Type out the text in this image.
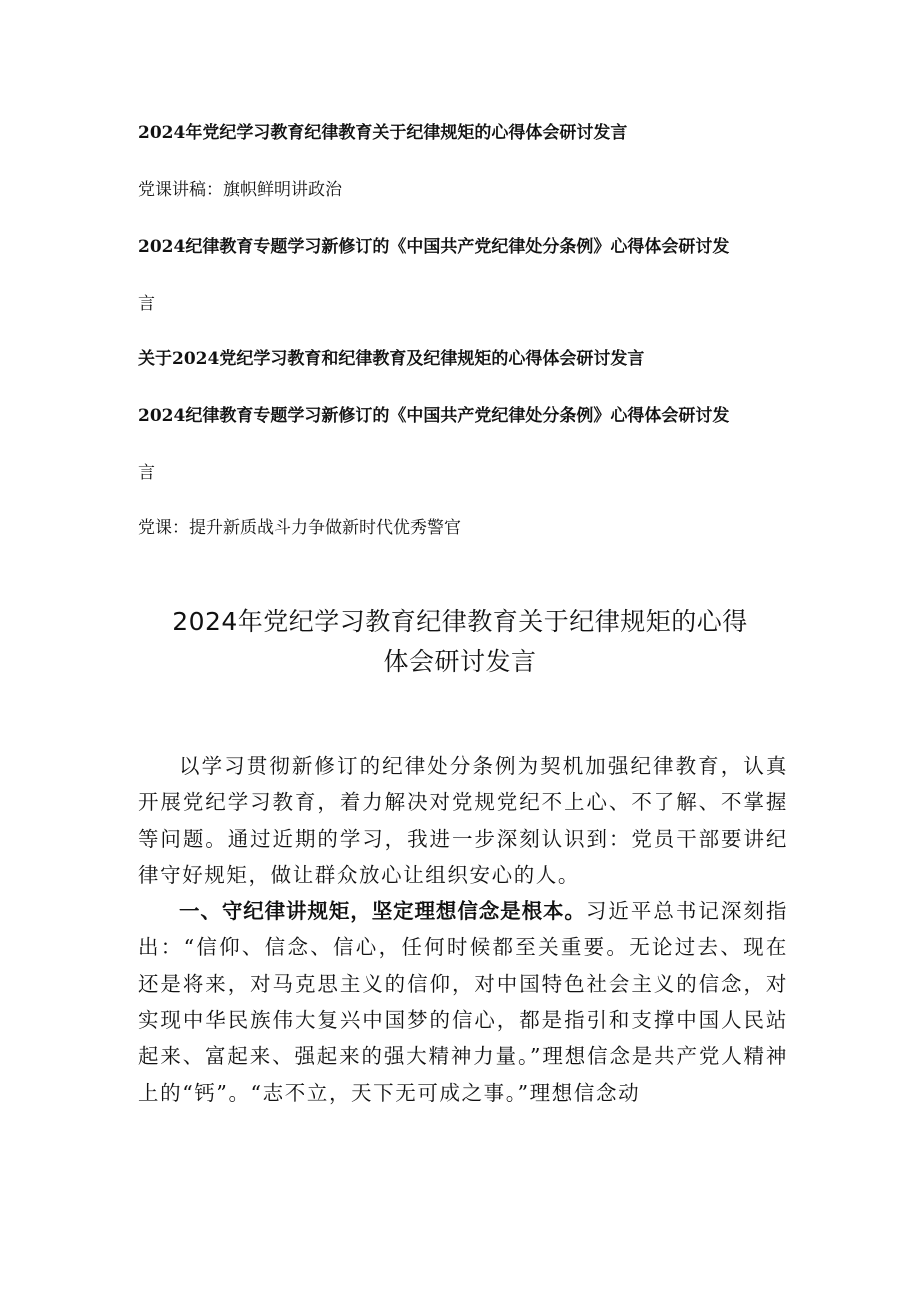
2024年党纪学习教育纪律教育关于纪律规矩的心得体会研讨发言
党课讲稿：旗帜鲜明讲政治
2024纪律教育专题学习新修订的《中国共产党纪律处分条例》心得体会研讨发
言
关于2024党纪学习教育和纪律教育及纪律规矩的心得体会研讨发言
2024纪律教育专题学习新修订的《中国共产党纪律处分条例》心得体会研讨发
言
党课：提升新质战斗力争做新时代优秀警官
2024年党纪学习教育纪律教育关于纪律规矩的心得
体会研讨发言

以学习贯彻新修订的纪律处分条例为契机加强纪律教育，认真开展党纪学习教育，着力解决对党规党纪不上心、不了解、不掌握等问题。通过近期的学习，我进一步深刻认识到：党员干部要讲纪律守好规矩，做让群众放心让组织安心的人。

一、守纪律讲规矩，坚定理想信念是根本。习近平总书记深刻指出：“信仰、信念、信心，任何时候都至关重要。无论过去、现在还是将来，对马克思主义的信仰，对中国特色社会主义的信念，对实现中华民族伟大复兴中国梦的信心，都是指引和支撑中国人民站起来、富起来、强起来的强大精神力量。”理想信念是共产党人精神上的“钙”。“志不立，天下无可成之事。”理想信念动
